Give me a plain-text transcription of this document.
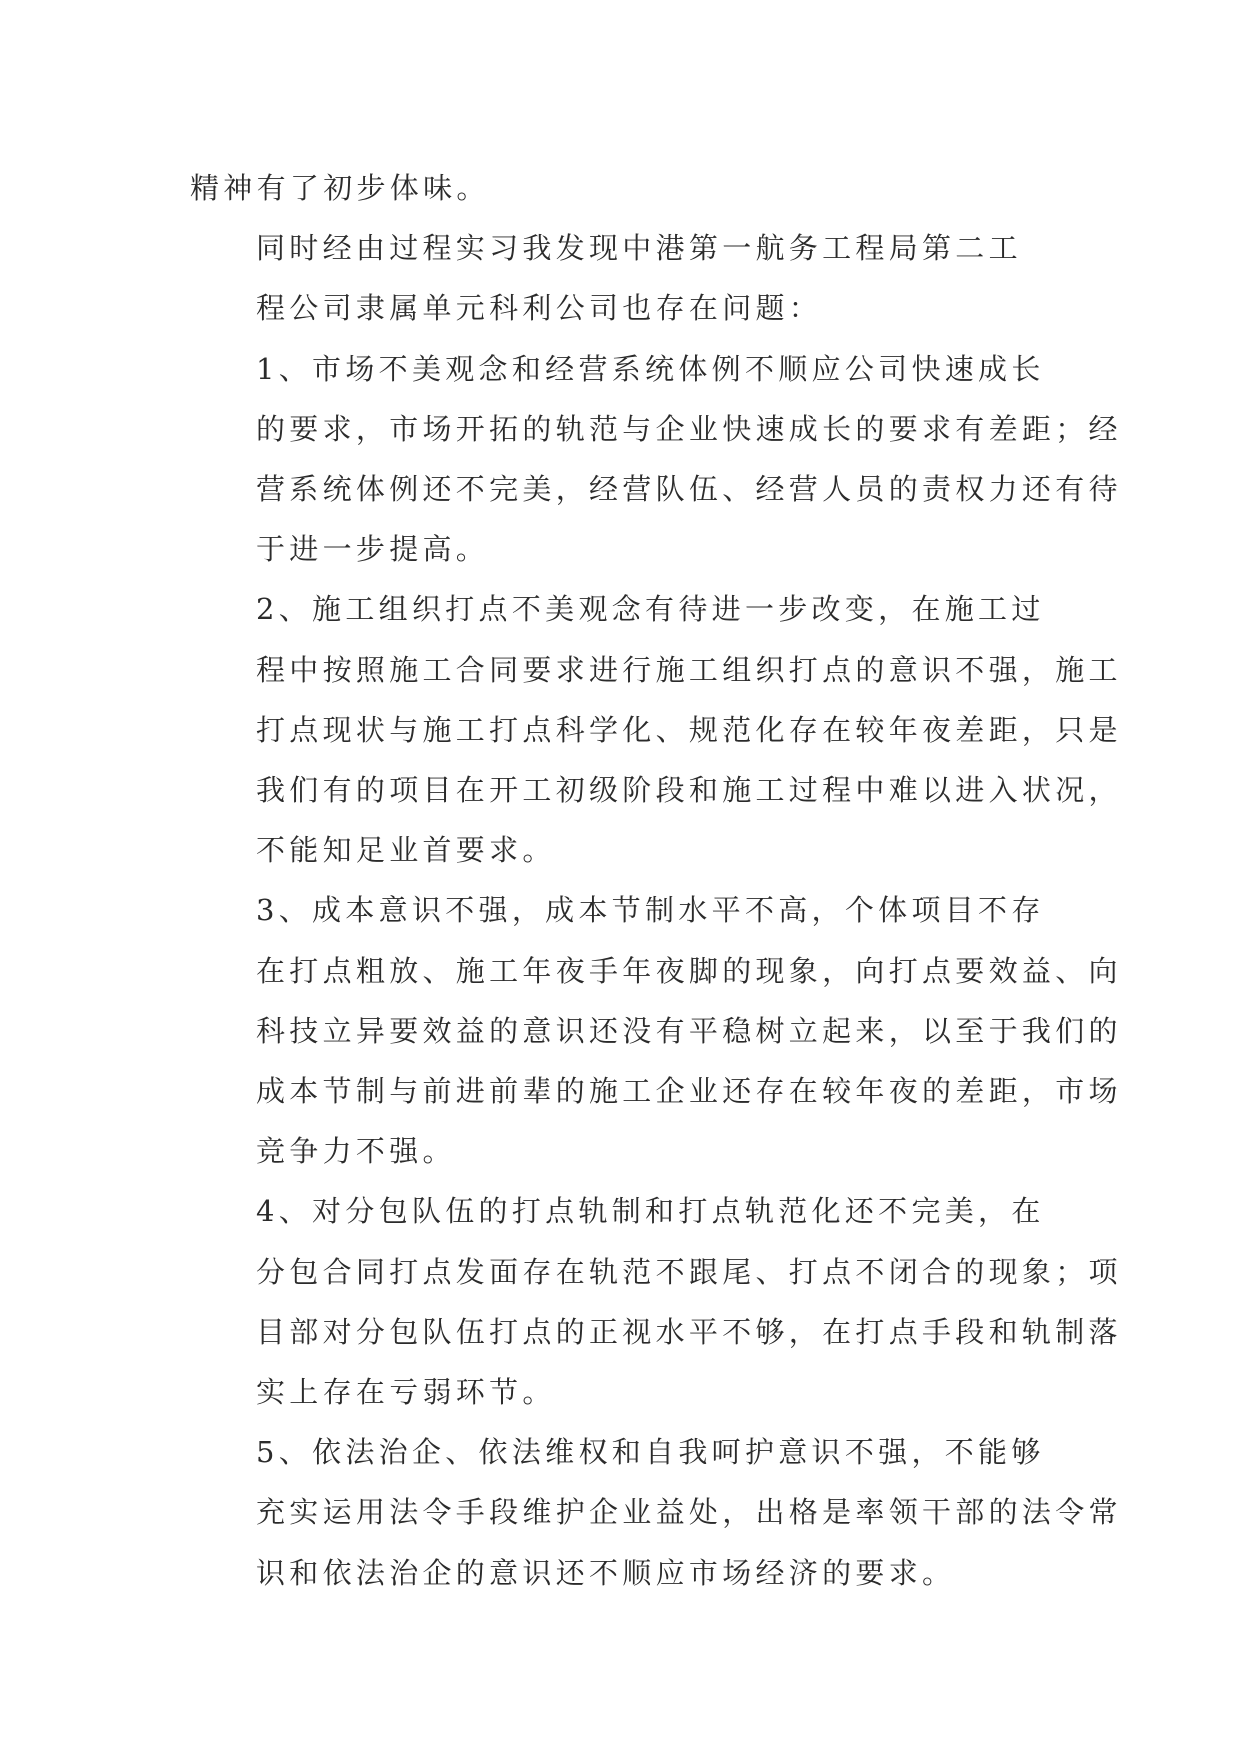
精神有了初步体味。

同时经由过程实习我发现中港第一航务工程局第二工
程公司隶属单元科利公司也存在问题：

1、市场不美观念和经营系统体例不顺应公司快速成长
的要求，市场开拓的轨范与企业快速成长的要求有差距；经
营系统体例还不完美，经营队伍、经营人员的责权力还有待
于进一步提高。

2、施工组织打点不美观念有待进一步改变，在施工过
程中按照施工合同要求进行施工组织打点的意识不强，施工
打点现状与施工打点科学化、规范化存在较年夜差距，只是
我们有的项目在开工初级阶段和施工过程中难以进入状况，
不能知足业首要求。

3、成本意识不强，成本节制水平不高，个体项目不存
在打点粗放、施工年夜手年夜脚的现象，向打点要效益、向
科技立异要效益的意识还没有平稳树立起来，以至于我们的
成本节制与前进前辈的施工企业还存在较年夜的差距，市场
竞争力不强。

4、对分包队伍的打点轨制和打点轨范化还不完美，在
分包合同打点发面存在轨范不跟尾、打点不闭合的现象；项
目部对分包队伍打点的正视水平不够，在打点手段和轨制落
实上存在亏弱环节。

5、依法治企、依法维权和自我呵护意识不强，不能够
充实运用法令手段维护企业益处，出格是率领干部的法令常
识和依法治企的意识还不顺应市场经济的要求。
